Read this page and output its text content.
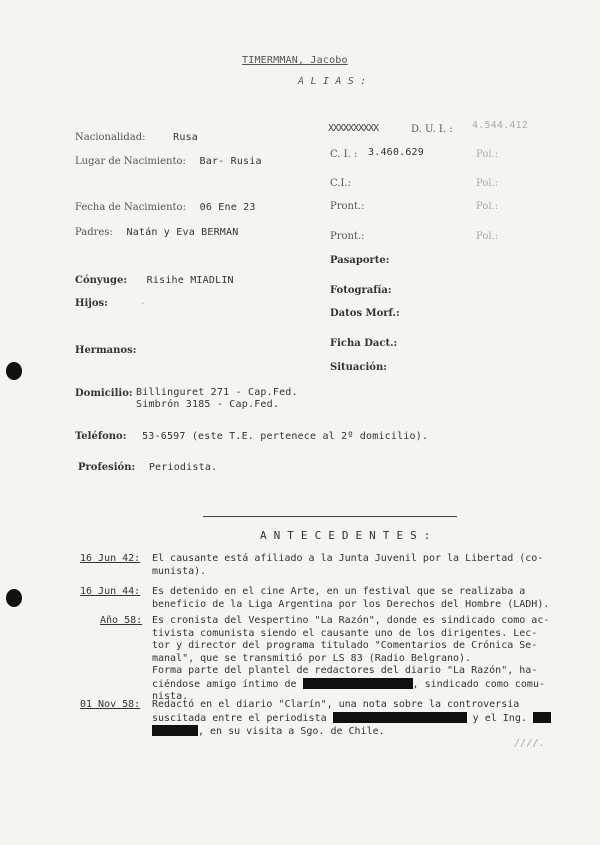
TIMERMMAN, Jacobo
A L I A S :
Nacionalidad:	Rusa
Lugar de Nacimiento: Bar- Rusia
Fecha de Nacimiento: 06 Ene 23
Padres: Natán y Eva BERMAN
Cónyuge: Risihe MIADLIN
Hijos:	-
Hermanos:
Domicilio: Billinguret 271 - Cap.Fed.
Simbrón 3185 - Cap.Fed.
Teléfono: 53-6597 (este T.E. pertenece al 2º domicilio).
Profesión: Periodista.
XXXXXXXXXX	D. U. I. : 4.544.412
C. I. : 3.460.629	Pol.:
C.I.:	Pol.:
Pront.:	Pol.:
Pront.:	Pol.:
Pasaporte:
Fotografía:
Datos Morf.:
Ficha Dact.:
Situación:
A N T E C E D E N T E S :
16 Jun 42: El causante está afiliado a la Junta Juvenil por la Libertad (co-
munista).
16 Jun 44: Es detenido en el cine Arte, en un festival que se realizaba a
beneficio de la Liga Argentina por los Derechos del Hombre (LADH).
Año 58: Es cronista del Vespertino "La Razón", donde es sindicado como ac-
tivista comunista siendo el causante uno de los dirigentes. Lec-
tor y director del programa titulado "Comentarios de Crónica Se-
manal", que se transmitió por LS 83 (Radio Belgrano).
Forma parte del plantel de redactores del diario "La Razón", ha-
ciéndose amigo íntimo de	, sindicado como comu-
nista.
01 Nov 58: Redactó en el diario "Clarín", una nota sobre la controversia
suscitada entre el periodista	y el Ing.
, en su visita a Sgo. de Chile.
////.
